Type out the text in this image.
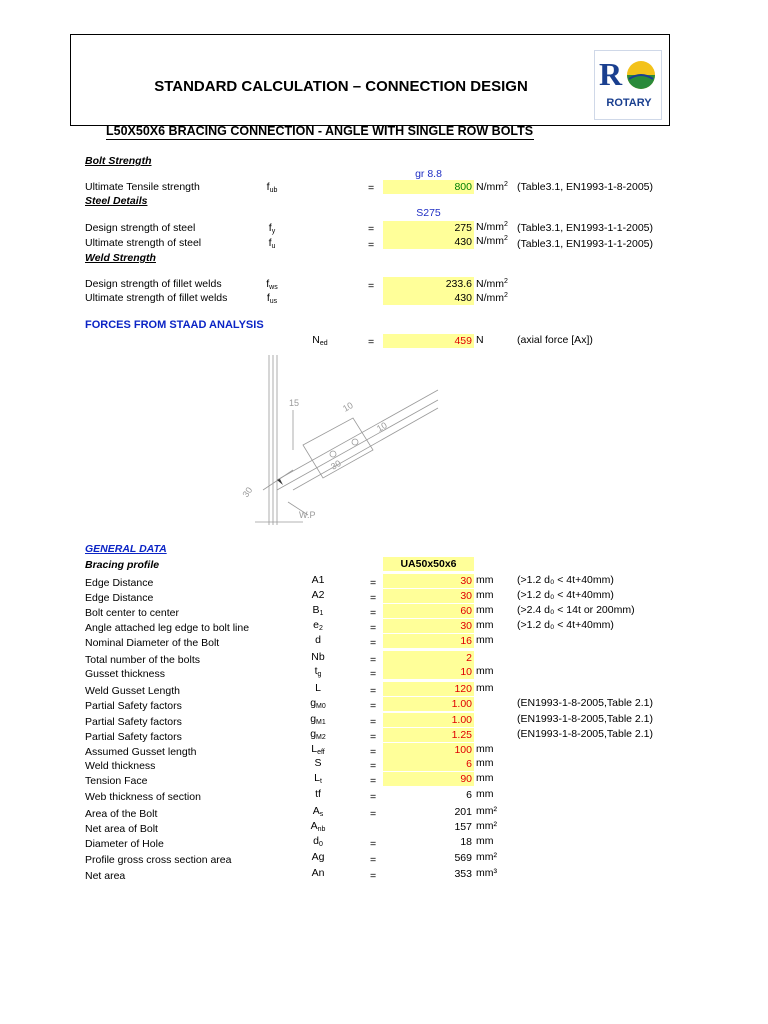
STANDARD CALCULATION – CONNECTION DESIGN	R
ROTARY
L50X50X6 BRACING CONNECTION - ANGLE WITH SINGLE ROW BOLTS
Bolt Strength
gr 8.8
Ultimate Tensile strength	$f_{ub}$	=	800 $N/mm^2$ (Table3.1, EN1993-1-8-2005)
Steel Details
S275
Design strength of steel	$f_y$	=	275 $N/mm^2$ (Table3.1, EN1993-1-1-2005)
Ultimate strength of steel	$f_u$	=	430 $N/mm^2$ (Table3.1, EN1993-1-1-2005)
Weld Strength
Design strength of fillet welds	$f_{ws}$	=	233.6 $N/mm^2$
Ultimate strength of fillet welds	$f_{us}$	430 $N/mm^2$
FORCES FROM STAAD ANALYSIS
$N_{ed}$	=	459 N	(axial force [Ax])
15	10
10
30
30
W.P
GENERAL DATA
Bracing profile	UA50x50x6
Edge Distance	A1	=	30 mm (>1.2 d₀ < 4t+40mm)
Edge Distance	A2	=	30 mm (>1.2 d₀ < 4t+40mm)
Bolt center to center	$B_1$	=	60 mm (>2.4 d₀ < 14t or 200mm)
Angle attached leg edge to bolt line	$e_2$	=	30 mm (>1.2 d₀ < 4t+40mm)
Nominal Diameter of the Bolt	d	=	16 mm
Total number of the bolts	Nb	=	2
Gusset thickness	$t_g$	=	10 mm
Weld Gusset Length	L	=	120 mm
Partial Safety factors	$g_{M0}$	=	1.00	(EN1993-1-8-2005,Table 2.1)
Partial Safety factors	$g_{M1}$	=	1.00	(EN1993-1-8-2005,Table 2.1)
Partial Safety factors	$g_{M2}$	=	1.25	(EN1993-1-8-2005,Table 2.1)
Assumed Gusset length	$L_{eff}$	=	100 mm
Weld thickness	S	=	6 mm
Tension Face	$L_t$	=	90 mm
Web thickness of section	tf	=	6 mm
Area of the Bolt	$A_s$	=	201 mm²
Net area of Bolt	$A_{nb}$	157 mm²
Diameter of Hole	$d_0$	=	18 mm
Profile gross cross section area	Ag	=	569 mm²
Net area	An	=	353 mm³
